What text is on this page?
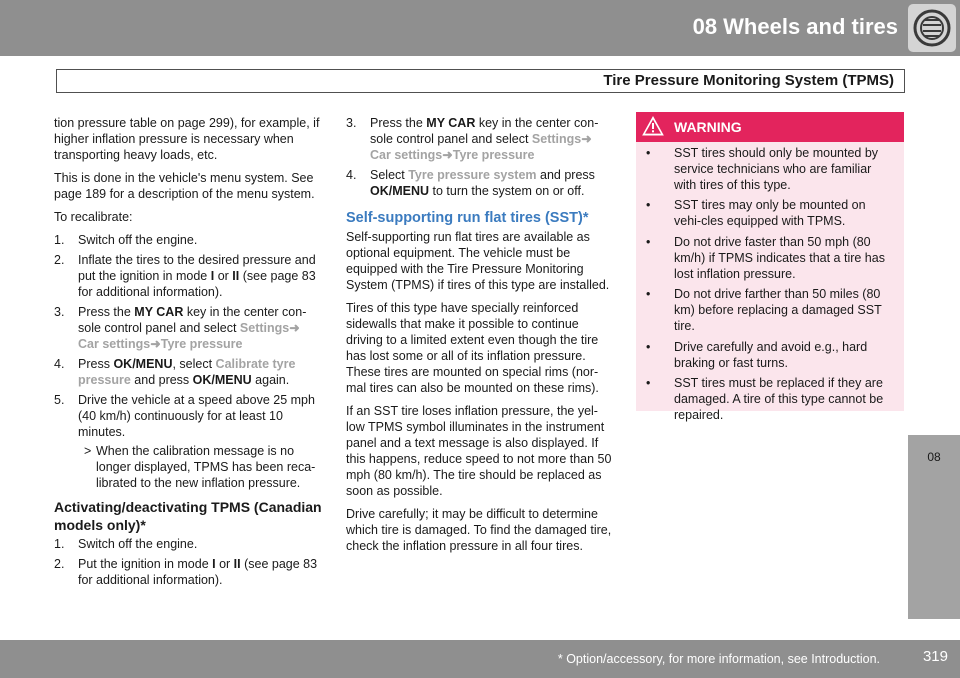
08 Wheels and tires
Tire Pressure Monitoring System (TPMS)

tion pressure table on page 299), for example, if higher inflation pressure is necessary when transporting heavy loads, etc.

This is done in the vehicle's menu system. See page 189 for a description of the menu system.

To recalibrate:

1. Switch off the engine.
2. Inflate the tires to the desired pressure and put the ignition in mode I or II (see page 83 for additional information).
3. Press the MY CAR key in the center con-sole control panel and select Settings➜
Car settings➜Tyre pressure
4. Press OK/MENU, select Calibrate tyre pressure and press OK/MENU again.
5. Drive the vehicle at a speed above 25 mph (40 km/h) continuously for at least 10 minutes.
> When the calibration message is no longer displayed, TPMS has been reca-librated to the new inflation pressure.
Activating/deactivating TPMS (Canadian models only)*
1. Switch off the engine.
2. Put the ignition in mode I or II (see page 83 for additional information).
3. Press the MY CAR key in the center con-sole control panel and select Settings➜
Car settings➜Tyre pressure
4. Select Tyre pressure system and press OK/MENU to turn the system on or off.
Self-supporting run flat tires (SST)*

Self-supporting run flat tires are available as optional equipment. The vehicle must be equipped with the Tire Pressure Monitoring System (TPMS) if tires of this type are installed.

Tires of this type have specially reinforced sidewalls that make it possible to continue driving to a limited extent even though the tire has lost some or all of its inflation pressure. These tires are mounted on special rims (nor-mal tires can also be mounted on these rims).

If an SST tire loses inflation pressure, the yel-low TPMS symbol illuminates in the instrument panel and a text message is also displayed. If this happens, reduce speed to not more than 50 mph (80 km/h). The tire should be replaced as soon as possible.

Drive carefully; it may be difficult to determine which tire is damaged. To find the damaged tire, check the inflation pressure in all four tires.

WARNING
• SST tires should only be mounted by service technicians who are familiar with tires of this type.
• SST tires may only be mounted on vehi-cles equipped with TPMS.
• Do not drive faster than 50 mph (80 km/h) if TPMS indicates that a tire has lost inflation pressure.
• Do not drive farther than 50 miles (80 km) before replacing a damaged SST tire.
• Drive carefully and avoid e.g., hard braking or fast turns.
• SST tires must be replaced if they are damaged. A tire of this type cannot be repaired.
08
* Option/accessory, for more information, see Introduction.	319
